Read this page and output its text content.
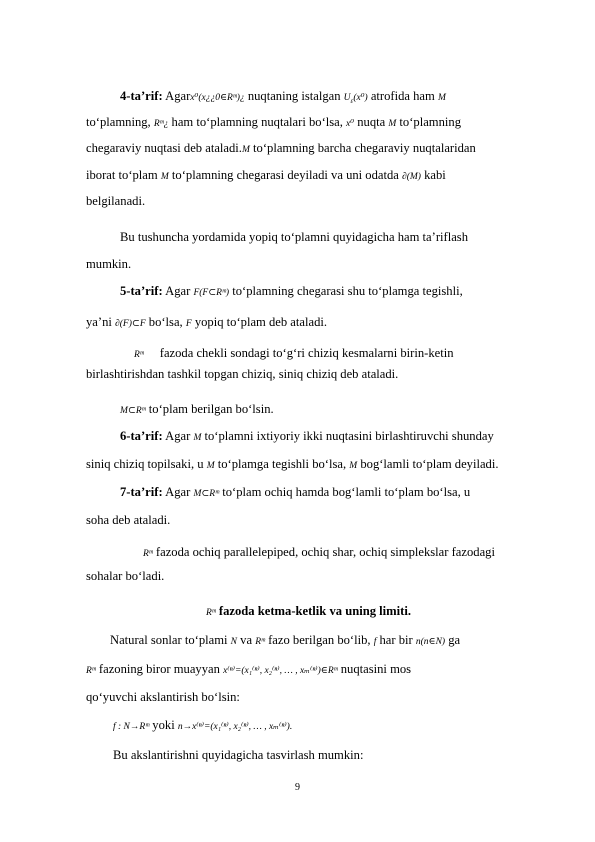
4-ta’rif: Agarx⁰(x¿¿0∈Rᵐ)¿ nuqtaning istalgan $U_\varepsilon(x^0)$ atrofida ham M
to‘plamning, Rᵐ¿ ham to‘plamning nuqtalari bo‘lsa, x⁰ nuqta M to‘plamning
chegaraviy nuqtasi deb ataladi.M to‘plamning barcha chegaraviy nuqtalaridan
iborat to‘plam M to‘plamning chegarasi deyiladi va uni odatda ∂(M) kabi
belgilanadi.
Bu tushuncha yordamida yopiq to‘plamni quyidagicha ham ta’riflash
mumkin.
5-ta’rif: Agar F(F⊂Rᵐ) to‘plamning chegarasi shu to‘plamga tegishli,
ya’ni ∂(F)⊂F bo‘lsa, F yopiq to‘plam deb ataladi.
Rᵐ fazoda chekli sondagi to‘g‘ri chiziq kesmalarni birin-ketin
birlashtirishdan tashkil topgan chiziq, siniq chiziq deb ataladi.
M⊂Rᵐ to‘plam berilgan bo‘lsin.
6-ta’rif: Agar M to‘plamni ixtiyoriy ikki nuqtasini birlashtiruvchi shunday
siniq chiziq topilsaki, u M to‘plamga tegishli bo‘lsa, M bog‘lamli to‘plam deyiladi.
7-ta’rif: Agar M⊂Rᵐ to‘plam ochiq hamda bog‘lamli to‘plam bo‘lsa, u
soha deb ataladi.
Rᵐ fazoda ochiq parallelepiped, ochiq shar, ochiq simplekslar fazodagi
sohalar bo‘ladi.
Rᵐ fazoda ketma-ketlik va uning limiti.
Natural sonlar to‘plami N va Rᵐ fazo berilgan bo‘lib, f har bir n(n∈N) ga
Rᵐ fazoning biror muayyan x⁽ⁿ⁾=(x₁⁽ⁿ⁾, x₂⁽ⁿ⁾, … , xₘ⁽ⁿ⁾)∈Rᵐ nuqtasini mos
qo‘yuvchi akslantirish bo‘lsin:
f : N→Rᵐ yoki n→x⁽ⁿ⁾=(x₁⁽ⁿ⁾, x₂⁽ⁿ⁾, … , xₘ⁽ⁿ⁾).
Bu akslantirishni quyidagicha tasvirlash mumkin:
9
